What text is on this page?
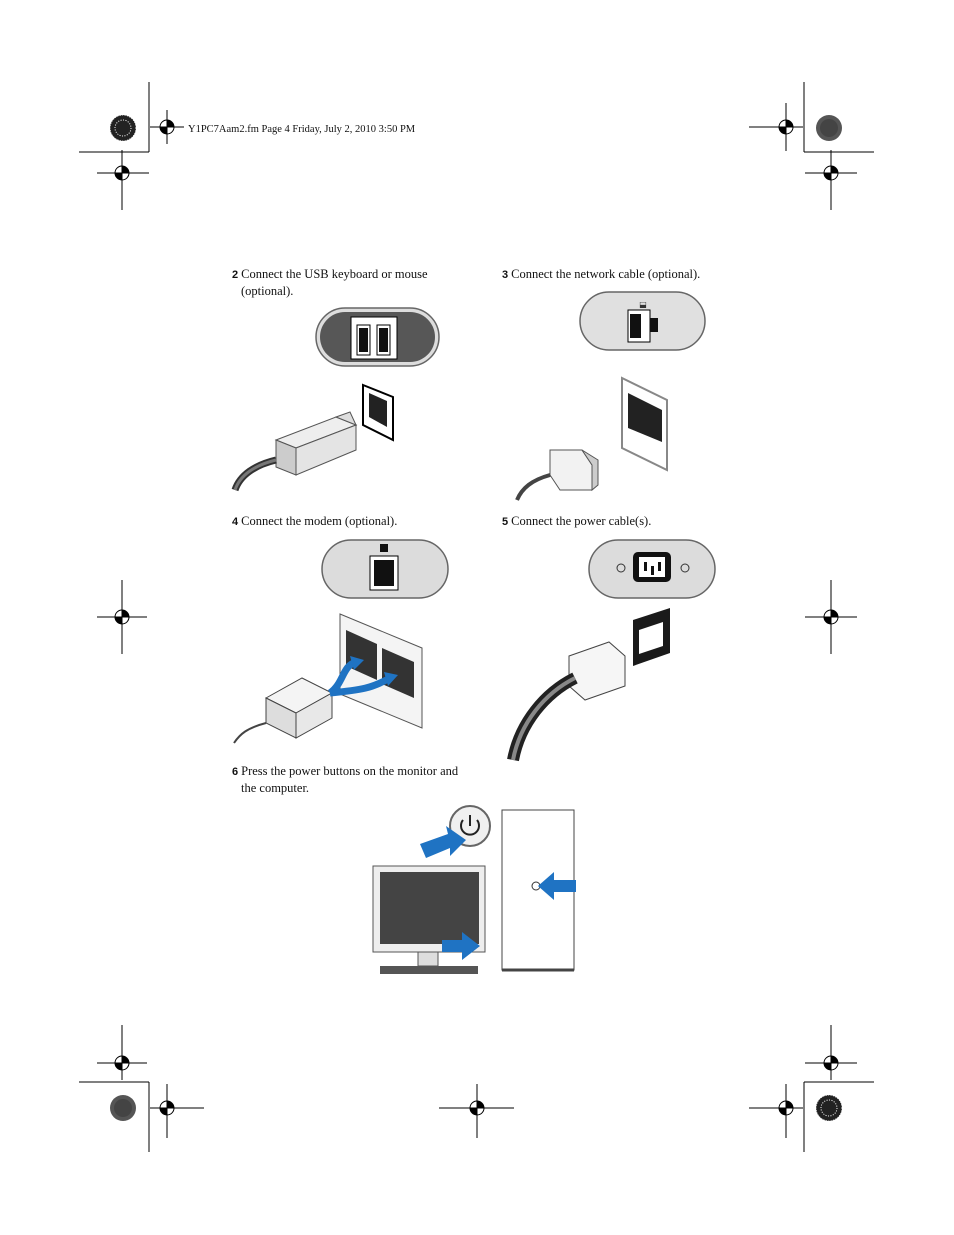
Y1PC7Aam2.fm Page 4 Friday, July 2, 2010 3:50 PM
2 Connect the USB keyboard or mouse
(optional).
⭠
3 Connect the network cable (optional).
⬓
4 Connect the modem (optional).	5 Connect the power cable(s).
6 Press the power buttons on the monitor and
the computer.
